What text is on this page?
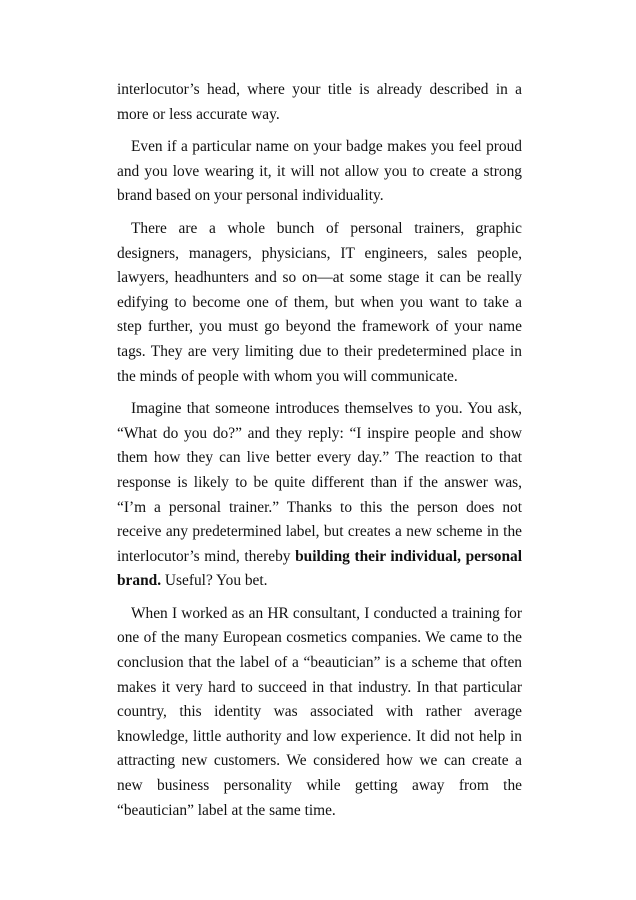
interlocutor’s head, where your title is already described in a more or less accurate way.

Even if a particular name on your badge makes you feel proud and you love wearing it, it will not allow you to create a strong brand based on your personal individuality.

There are a whole bunch of personal trainers, graphic designers, managers, physicians, IT engineers, sales people, lawyers, headhunters and so on—at some stage it can be really edifying to become one of them, but when you want to take a step further, you must go beyond the framework of your name tags. They are very limiting due to their predetermined place in the minds of people with whom you will communicate.

Imagine that someone introduces themselves to you. You ask, “What do you do?” and they reply: “I inspire people and show them how they can live better every day.” The reaction to that response is likely to be quite different than if the answer was, “I’m a personal trainer.” Thanks to this the person does not receive any predetermined label, but creates a new scheme in the interlocutor’s mind, thereby building their individual, personal brand. Useful? You bet.

When I worked as an HR consultant, I conducted a training for one of the many European cosmetics companies. We came to the conclusion that the label of a “beautician” is a scheme that often makes it very hard to succeed in that industry. In that particular country, this identity was associated with rather average knowledge, little authority and low experience. It did not help in attracting new customers. We considered how we can create a new business personality while getting away from the “beautician” label at the same time.
